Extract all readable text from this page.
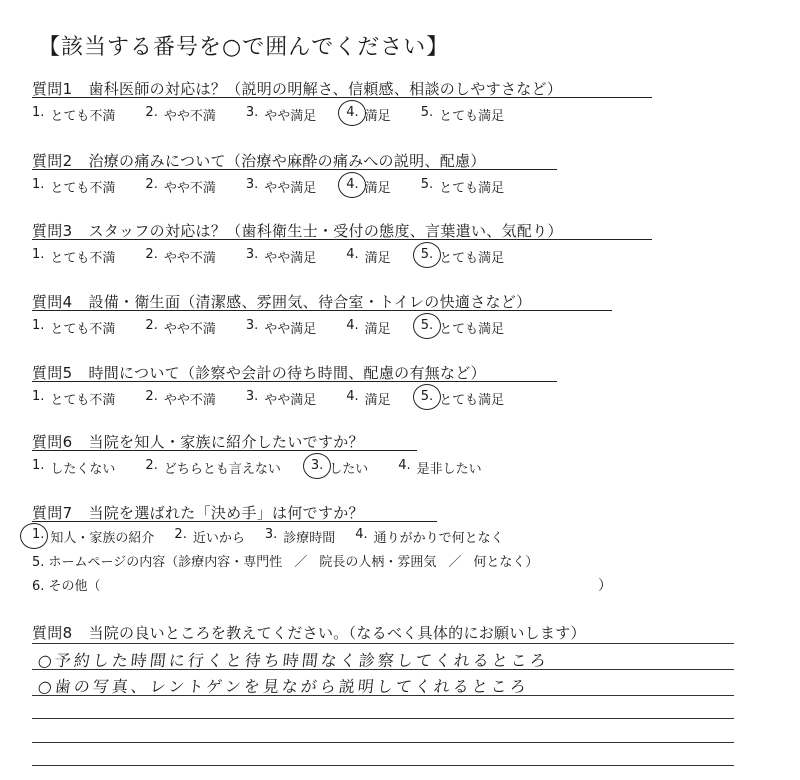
【該当する番号を○で囲んでください】
質問1 歯科医師の対応は？（説明の明解さ、信頼感、相談のしやすさなど）
1. とても不満 2. やや不満 3. やや満足 4. 満足 5. とても満足
質問2 治療の痛みについて（治療や麻酔の痛みへの説明、配慮）
1. とても不満 2. やや不満 3. やや満足 4. 満足 5. とても満足
質問3 スタッフの対応は？（歯科衛生士・受付の態度、言葉遣い、気配り）
1. とても不満 2. やや不満 3. やや満足 4. 満足 5. とても満足
質問4 設備・衛生面（清潔感、雰囲気、待合室・トイレの快適さなど）
1. とても不満 2. やや不満 3. やや満足 4. 満足 5. とても満足
質問5 時間について（診察や会計の待ち時間、配慮の有無など）
1. とても不満 2. やや不満 3. やや満足 4. 満足 5. とても満足
質問6 当院を知人・家族に紹介したいですか？
1. したくない 2. どちらとも言えない 3. したい 4. 是非したい
質問7 当院を選ばれた「決め手」は何ですか？
1. 知人・家族の紹介 2. 近いから 3. 診療時間 4. 通りがかりで何となく
5. ホームページの内容（診療内容・専門性 ／ 院長の人柄・雰囲気 ／ 何となく）
6. その他（	）
質問8 当院の良いところを教えてください。（なるべく具体的にお願いします）
○予約した時間に行くと待ち時間なく診察してくれるところ
○歯の写真、レントゲンを見ながら説明してくれるところ
